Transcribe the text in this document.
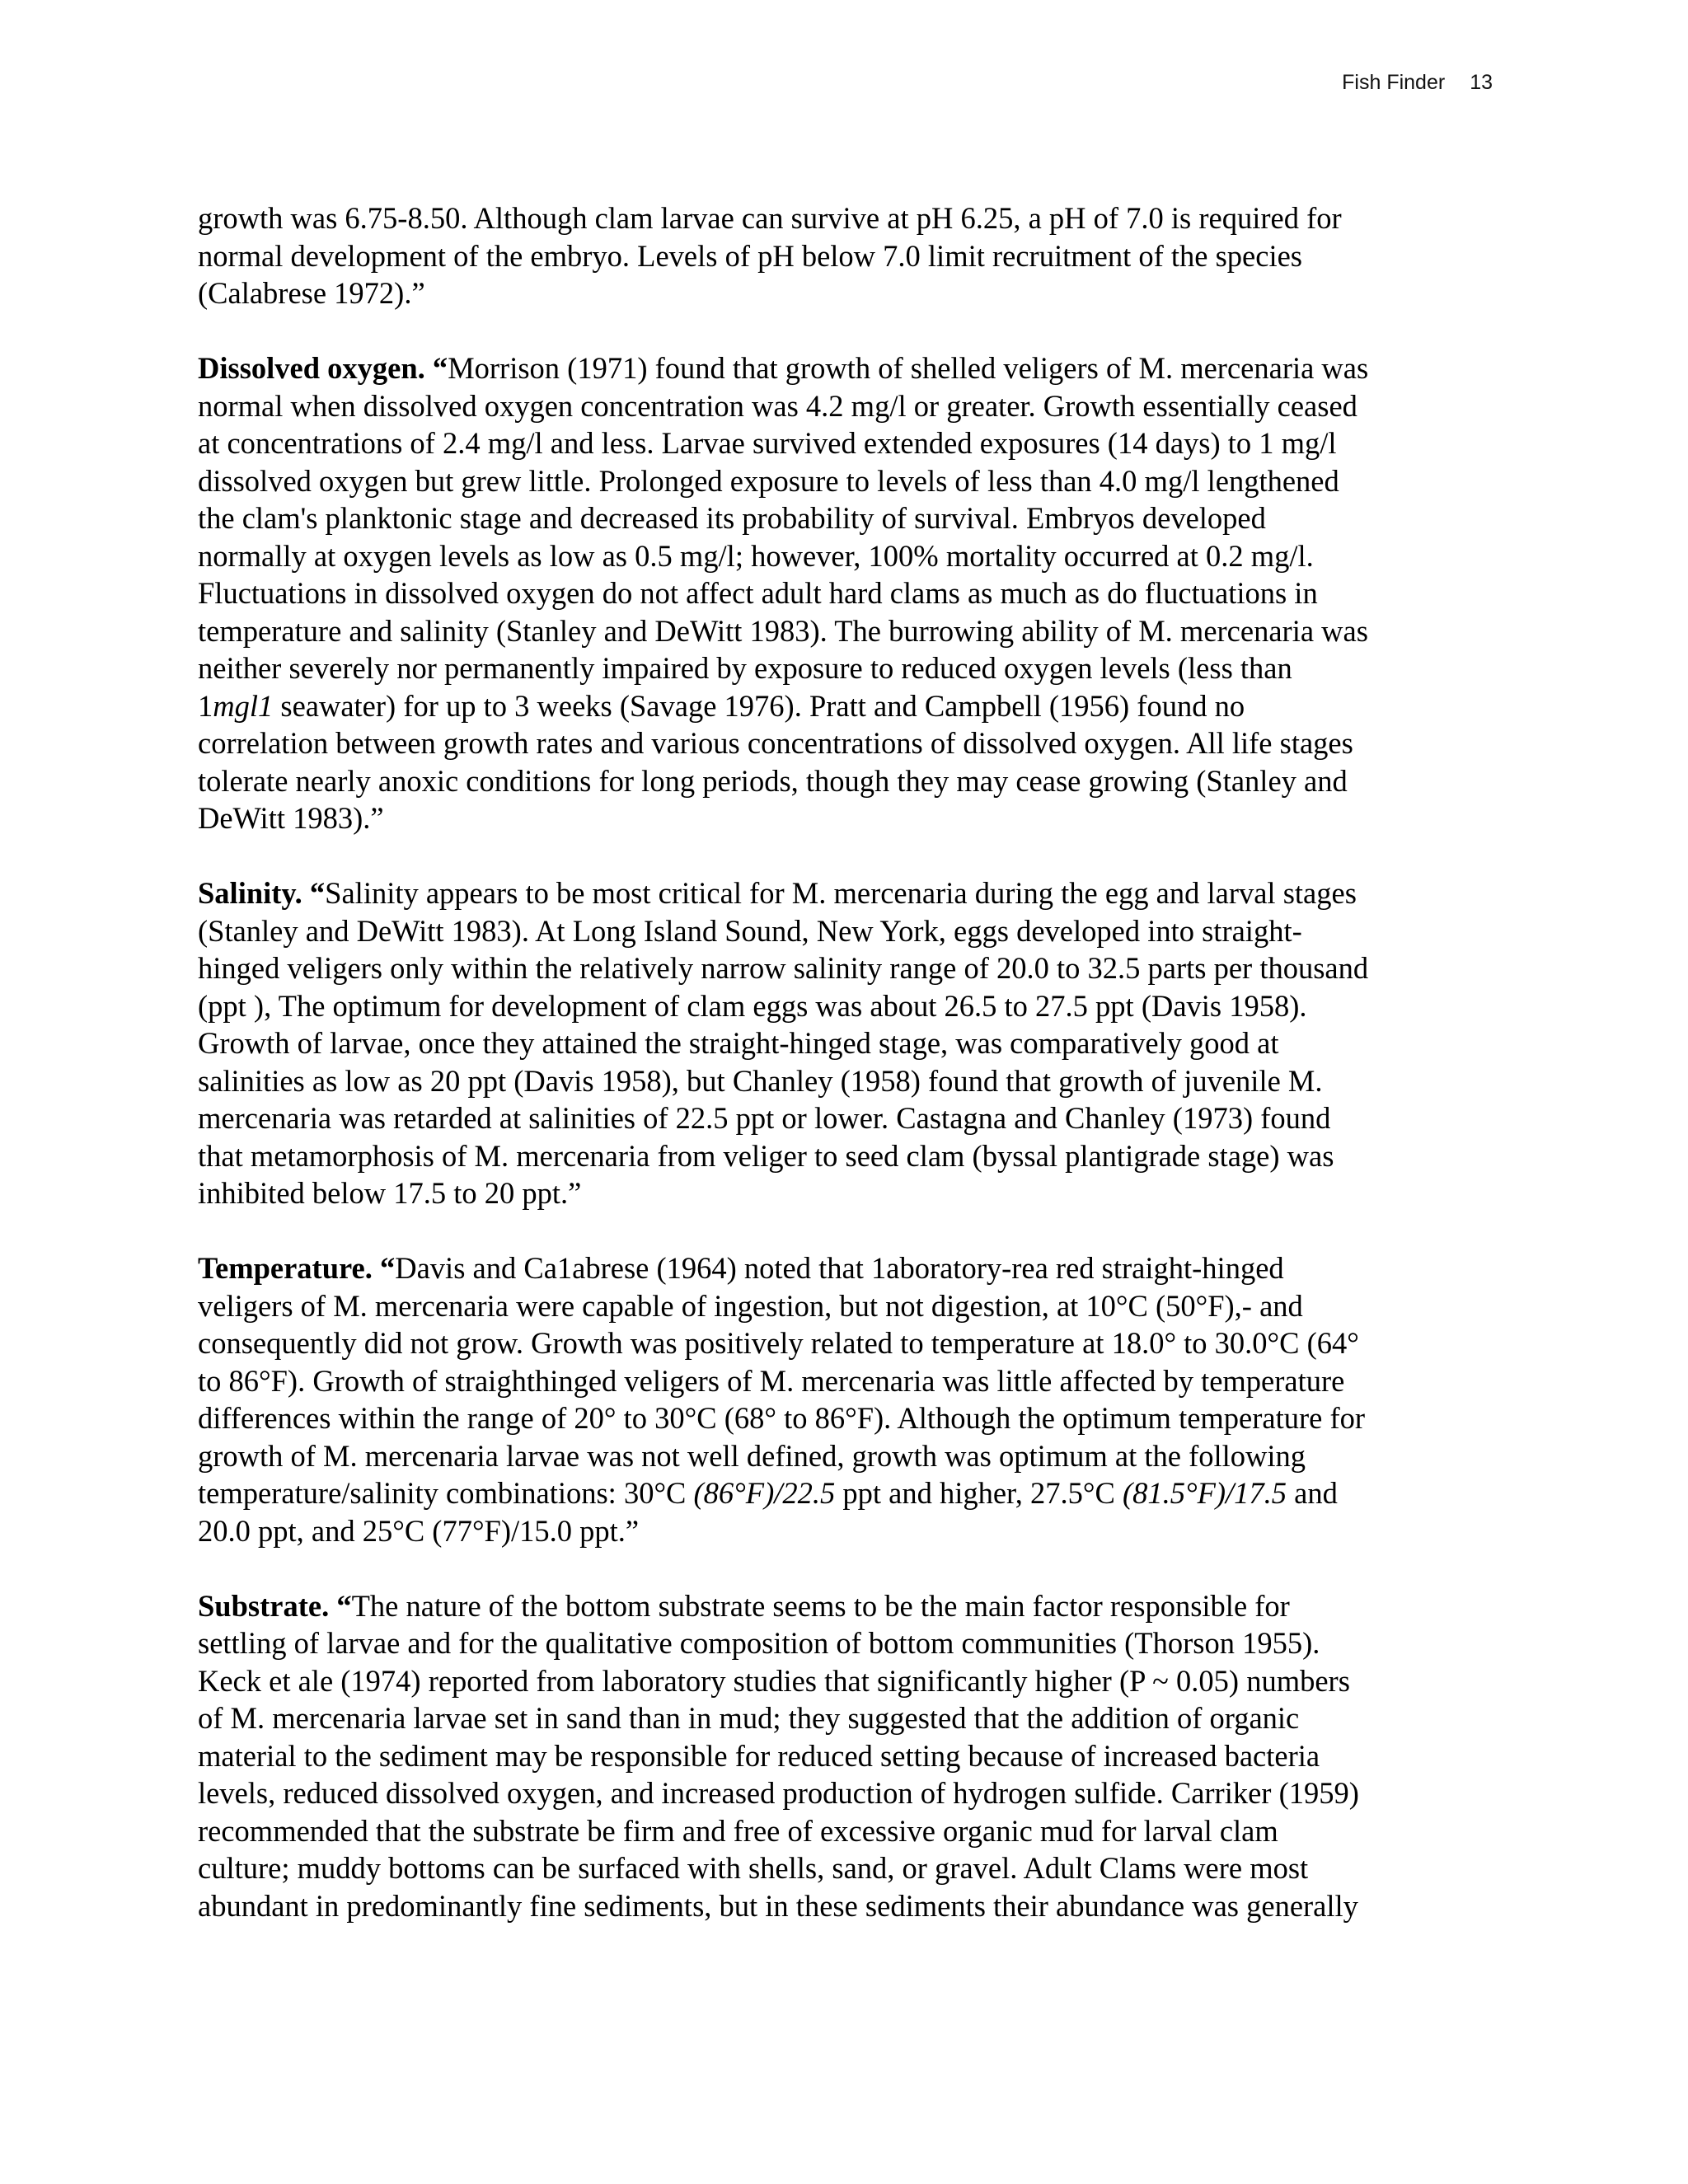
Fish Finder 13

growth was 6.75-8.50. Although clam larvae can survive at pH 6.25, a pH of 7.0 is required for
normal development of the embryo. Levels of pH below 7.0 limit recruitment of the species
(Calabrese 1972).”

Dissolved oxygen. “Morrison (1971) found that growth of shelled veligers of M. mercenaria was
normal when dissolved oxygen concentration was 4.2 mg/l or greater. Growth essentially ceased
at concentrations of 2.4 mg/l and less. Larvae survived extended exposures (14 days) to 1 mg/l
dissolved oxygen but grew little. Prolonged exposure to levels of less than 4.0 mg/l lengthened
the clam's planktonic stage and decreased its probability of survival. Embryos developed
normally at oxygen levels as low as 0.5 mg/l; however, 100% mortality occurred at 0.2 mg/l.
Fluctuations in dissolved oxygen do not affect adult hard clams as much as do fluctuations in
temperature and salinity (Stanley and DeWitt 1983). The burrowing ability of M. mercenaria was
neither severely nor permanently impaired by exposure to reduced oxygen levels (less than
1mgl1 seawater) for up to 3 weeks (Savage 1976). Pratt and Campbell (1956) found no
correlation between growth rates and various concentrations of dissolved oxygen. All life stages
tolerate nearly anoxic conditions for long periods, though they may cease growing (Stanley and
DeWitt 1983).”

Salinity. “Salinity appears to be most critical for M. mercenaria during the egg and larval stages
(Stanley and DeWitt 1983). At Long Island Sound, New York, eggs developed into straight-
hinged veligers only within the relatively narrow salinity range of 20.0 to 32.5 parts per thousand
(ppt ), The optimum for development of clam eggs was about 26.5 to 27.5 ppt (Davis 1958).
Growth of larvae, once they attained the straight-hinged stage, was comparatively good at
salinities as low as 20 ppt (Davis 1958), but Chanley (1958) found that growth of juvenile M.
mercenaria was retarded at salinities of 22.5 ppt or lower. Castagna and Chanley (1973) found
that metamorphosis of M. mercenaria from veliger to seed clam (byssal plantigrade stage) was
inhibited below 17.5 to 20 ppt.”

Temperature. “Davis and Ca1abrese (1964) noted that 1aboratory-rea red straight-hinged
veligers of M. mercenaria were capable of ingestion, but not digestion, at 10°C (50°F),- and
consequently did not grow. Growth was positively related to temperature at 18.0° to 30.0°C (64°
to 86°F). Growth of straighthinged veligers of M. mercenaria was little affected by temperature
differences within the range of 20° to 30°C (68° to 86°F). Although the optimum temperature for
growth of M. mercenaria larvae was not well defined, growth was optimum at the following
temperature/salinity combinations: 30°C (86°F)/22.5 ppt and higher, 27.5°C (81.5°F)/17.5 and
20.0 ppt, and 25°C (77°F)/15.0 ppt.”

Substrate. “The nature of the bottom substrate seems to be the main factor responsible for
settling of larvae and for the qualitative composition of bottom communities (Thorson 1955).
Keck et ale (1974) reported from laboratory studies that significantly higher (P ~ 0.05) numbers
of M. mercenaria larvae set in sand than in mud; they suggested that the addition of organic
material to the sediment may be responsible for reduced setting because of increased bacteria
levels, reduced dissolved oxygen, and increased production of hydrogen sulfide. Carriker (1959)
recommended that the substrate be firm and free of excessive organic mud for larval clam
culture; muddy bottoms can be surfaced with shells, sand, or gravel. Adult Clams were most
abundant in predominantly fine sediments, but in these sediments their abundance was generally
